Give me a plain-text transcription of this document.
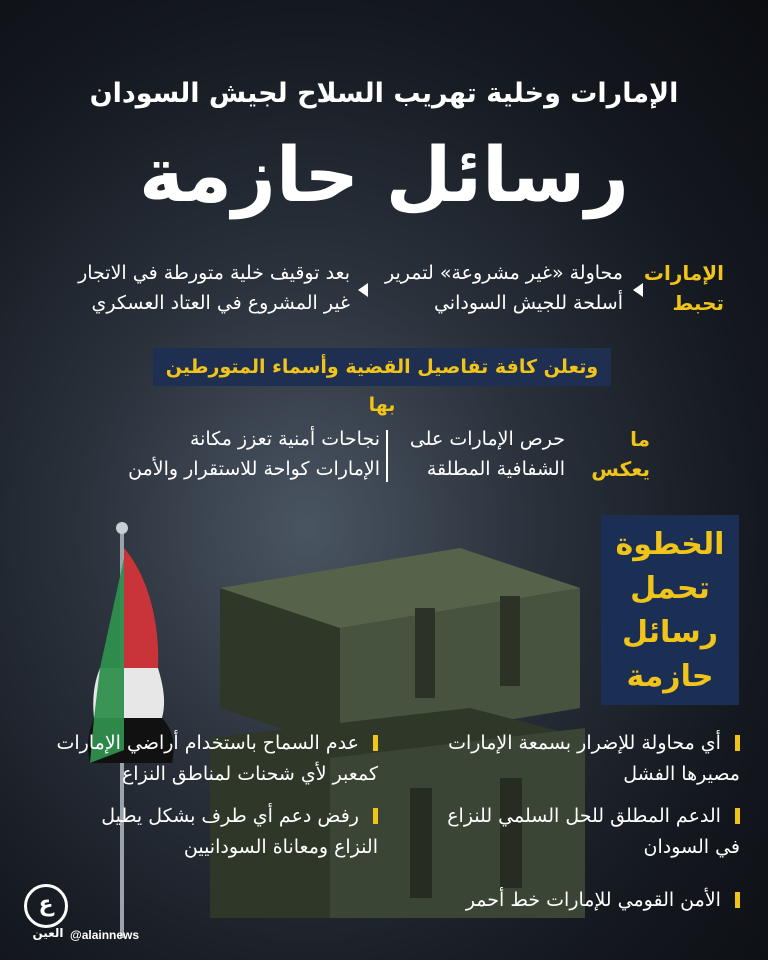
الإمارات وخلية تهريب السلاح لجيش السودان
رسائل حازمة
الإمارات
تحبط
محاولة «غير مشروعة» لتمرير
أسلحة للجيش السوداني
بعد توقيف خلية متورطة في الاتجار
غير المشروع في العتاد العسكري
وتعلن كافة تفاصيل القضية وأسماء المتورطين بها
ما
يعكس
حرص الإمارات على
الشفافية المطلقة
نجاحات أمنية تعزز مكانة
الإمارات كواحة للاستقرار والأمن
الخطوة
تحمل
رسائل
حازمة
أي محاولة للإضرار بسمعة الإمارات
مصيرها الفشل
الدعم المطلق للحل السلمي للنزاع
في السودان
الأمن القومي للإمارات خط أحمر
عدم السماح باستخدام أراضي الإمارات
كمعبر لأي شحنات لمناطق النزاع
رفض دعم أي طرف بشكل يطيل
النزاع ومعاناة السودانيين
ع
العين @alainnews
